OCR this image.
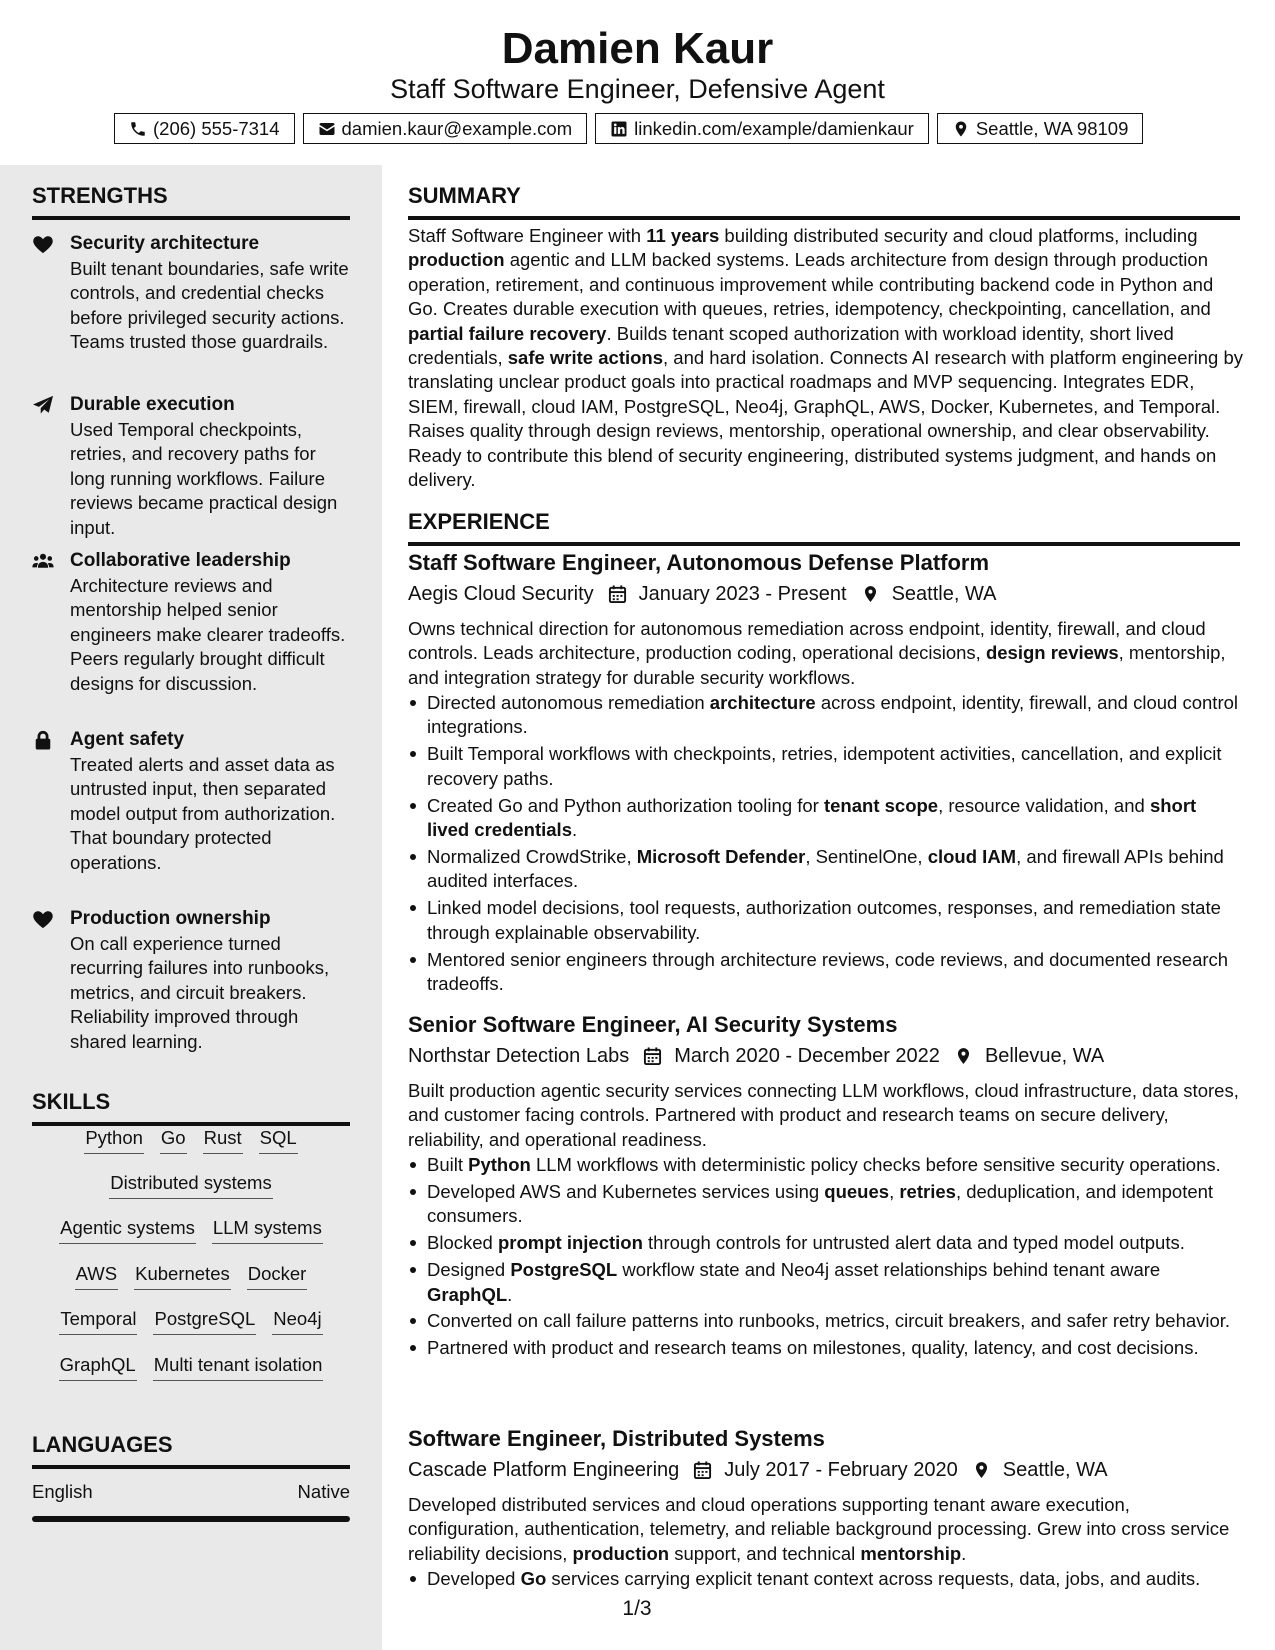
Damien Kaur
Staff Software Engineer, Defensive Agent
(206) 555-7314	damien.kaur@example.com	linkedin.com/example/damienkaur	Seattle, WA 98109
STRENGTHS
Security architecture
Built tenant boundaries, safe write controls, and credential checks before privileged security actions. Teams trusted those guardrails.
Durable execution
Used Temporal checkpoints, retries, and recovery paths for long running workflows. Failure reviews became practical design input.
Collaborative leadership
Architecture reviews and mentorship helped senior engineers make clearer tradeoffs. Peers regularly brought difficult designs for discussion.
Agent safety
Treated alerts and asset data as untrusted input, then separated model output from authorization. That boundary protected operations.
Production ownership
On call experience turned recurring failures into runbooks, metrics, and circuit breakers. Reliability improved through shared learning.
SKILLS
Python Go Rust SQL
Distributed systems
Agentic systems LLM systems
AWS Kubernetes Docker
Temporal PostgreSQL Neo4j
GraphQL Multi tenant isolation
LANGUAGES
English	Native
SUMMARY
Staff Software Engineer with 11 years building distributed security and cloud platforms, including production agentic and LLM backed systems. Leads architecture from design through production operation, retirement, and continuous improvement while contributing backend code in Python and Go. Creates durable execution with queues, retries, idempotency, checkpointing, cancellation, and partial failure recovery. Builds tenant scoped authorization with workload identity, short lived credentials, safe write actions, and hard isolation. Connects AI research with platform engineering by translating unclear product goals into practical roadmaps and MVP sequencing. Integrates EDR, SIEM, firewall, cloud IAM, PostgreSQL, Neo4j, GraphQL, AWS, Docker, Kubernetes, and Temporal. Raises quality through design reviews, mentorship, operational ownership, and clear observability. Ready to contribute this blend of security engineering, distributed systems judgment, and hands on delivery.
EXPERIENCE
Staff Software Engineer, Autonomous Defense Platform
Aegis Cloud Security January 2023 - Present Seattle, WA
Owns technical direction for autonomous remediation across endpoint, identity, firewall, and cloud controls. Leads architecture, production coding, operational decisions, design reviews, mentorship, and integration strategy for durable security workflows.
Directed autonomous remediation architecture across endpoint, identity, firewall, and cloud control integrations.
Built Temporal workflows with checkpoints, retries, idempotent activities, cancellation, and explicit recovery paths.
Created Go and Python authorization tooling for tenant scope, resource validation, and short lived credentials.
Normalized CrowdStrike, Microsoft Defender, SentinelOne, cloud IAM, and firewall APIs behind audited interfaces.
Linked model decisions, tool requests, authorization outcomes, responses, and remediation state through explainable observability.
Mentored senior engineers through architecture reviews, code reviews, and documented research tradeoffs.
Senior Software Engineer, AI Security Systems
Northstar Detection Labs March 2020 - December 2022 Bellevue, WA
Built production agentic security services connecting LLM workflows, cloud infrastructure, data stores, and customer facing controls. Partnered with product and research teams on secure delivery, reliability, and operational readiness.
Built Python LLM workflows with deterministic policy checks before sensitive security operations.
Developed AWS and Kubernetes services using queues, retries, deduplication, and idempotent consumers.
Blocked prompt injection through controls for untrusted alert data and typed model outputs.
Designed PostgreSQL workflow state and Neo4j asset relationships behind tenant aware GraphQL.
Converted on call failure patterns into runbooks, metrics, circuit breakers, and safer retry behavior.
Partnered with product and research teams on milestones, quality, latency, and cost decisions.
Software Engineer, Distributed Systems
Cascade Platform Engineering July 2017 - February 2020 Seattle, WA
Developed distributed services and cloud operations supporting tenant aware execution, configuration, authentication, telemetry, and reliable background processing. Grew into cross service reliability decisions, production support, and technical mentorship.
Developed Go services carrying explicit tenant context across requests, data, jobs, and audits.
1/3
